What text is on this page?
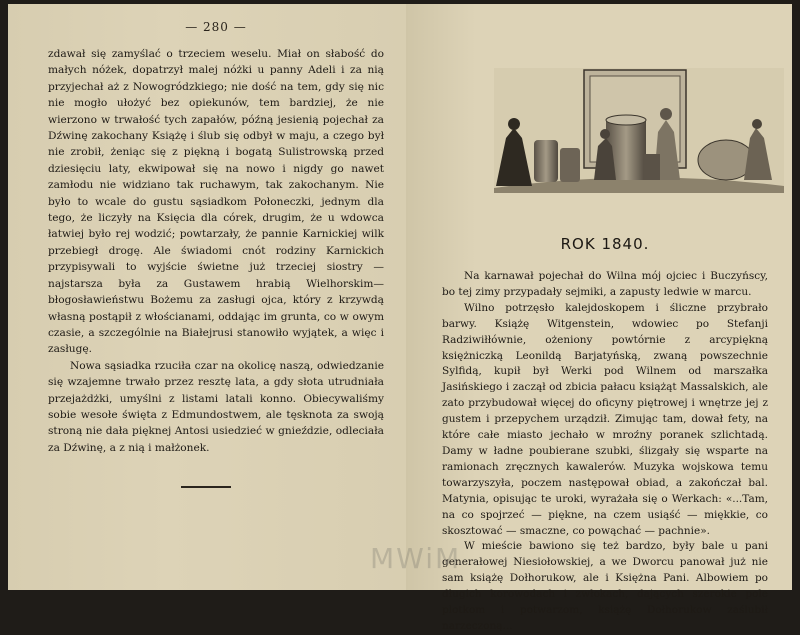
— 280 —

zdawał się zamyślać o trzeciem weselu. Miał on słabość do małych nóżek, dopatrzył malej nóżki u panny Adeli i za nią przyjechał aż z Nowogródzkiego; nie dość na tem, gdy się nic nie mogło ułożyć bez opiekunów, tem bardziej, że nie wierzono w trwałość tych zapałów, późną jesienią pojechał za Dźwinę zakochany Książę i ślub się odbył w maju, a czego był nie zrobił, żeniąc się z piękną i bogatą Sulistrowską przed dziesięciu laty, ekwipował się na nowo i nigdy go nawet zamłodu nie widziano tak ruchawym, tak zakochanym. Nie było to wcale do gustu sąsiadkom Połoneczki, jednym dla tego, że liczyły na Księcia dla córek, drugim, że u wdowca łatwiej było rej wodzić; powtarzały, że pannie Karnickiej wilk przebiegł drogę. Ale świadomi cnót rodziny Karnickich przypisywali to wyjście świetne już trzeciej siostry — najstarsza była za Gustawem hrabią Wielhorskim—błogosławieństwu Bożemu za zasługi ojca, który z krzywdą własną postąpił z włościanami, oddając im grunta, co w owym czasie, a szczególnie na Białejrusi stanowiło wyjątek, a więc i zasługę.

Nowa sąsiadka rzuciła czar na okolicę naszą, odwiedzanie się wzajemne trwało przez resztę lata, a gdy słota utrudniała przejażdżki, umyślni z listami latali konno. Obiecywaliśmy sobie wesołe święta z Edmundostwem, ale tęsknota za swoją stroną nie dała pięknej Antosi usiedzieć w gnieździe, odleciała za Dźwinę, a z nią i małżonek.

ROK 1840.

Na karnawał pojechał do Wilna mój ojciec i Buczyńscy, bo tej zimy przypadały sejmiki, a zapusty ledwie w marcu.

Wilno potrzęsło kalejdoskopem i śliczne przybrało barwy. Książę Witgenstein, wdowiec po Stefanji Radziwiłłównie, ożeniony powtórnie z arcypiękną księżniczką Leonildą Barjatyńską, zwaną powszechnie Sylfidą, kupił był Werki pod Wilnem od marszałka Jasińskiego i zaczął od zbicia pałacu książąt Massalskich, ale zato przybudował więcej do oficyny piętrowej i wnętrze jej z gustem i przepychem urządził. Zimując tam, dował fety, na które całe miasto jechało w mroźny poranek szlichtadą. Damy w ładne poubierane szubki, ślizgały się wsparte na ramionach zręcznych kawalerów. Muzyka wojskowa temu towarzyszyła, poczem następował obiad, a zakończał bal. Matynia, opisując te uroki, wyrażała się o Werkach: «...Tam, na co spojrzeć — piękne, na czem usiąść — miękkie, co skosztować — smaczne, co powąchać — pachnie».

W mieście bawiono się też bardzo, były bale u pani generałowej Niesiołowskiej, a we Dworcu panował już nie sam książę Dołhorukow, ale i Księżna Pani. Albowiem po długich korowodach i zwłokach, dających szerokie pole plotkom i potwarzom, książę Dołhorukow zaślubił narzeczoną...

MWiM
